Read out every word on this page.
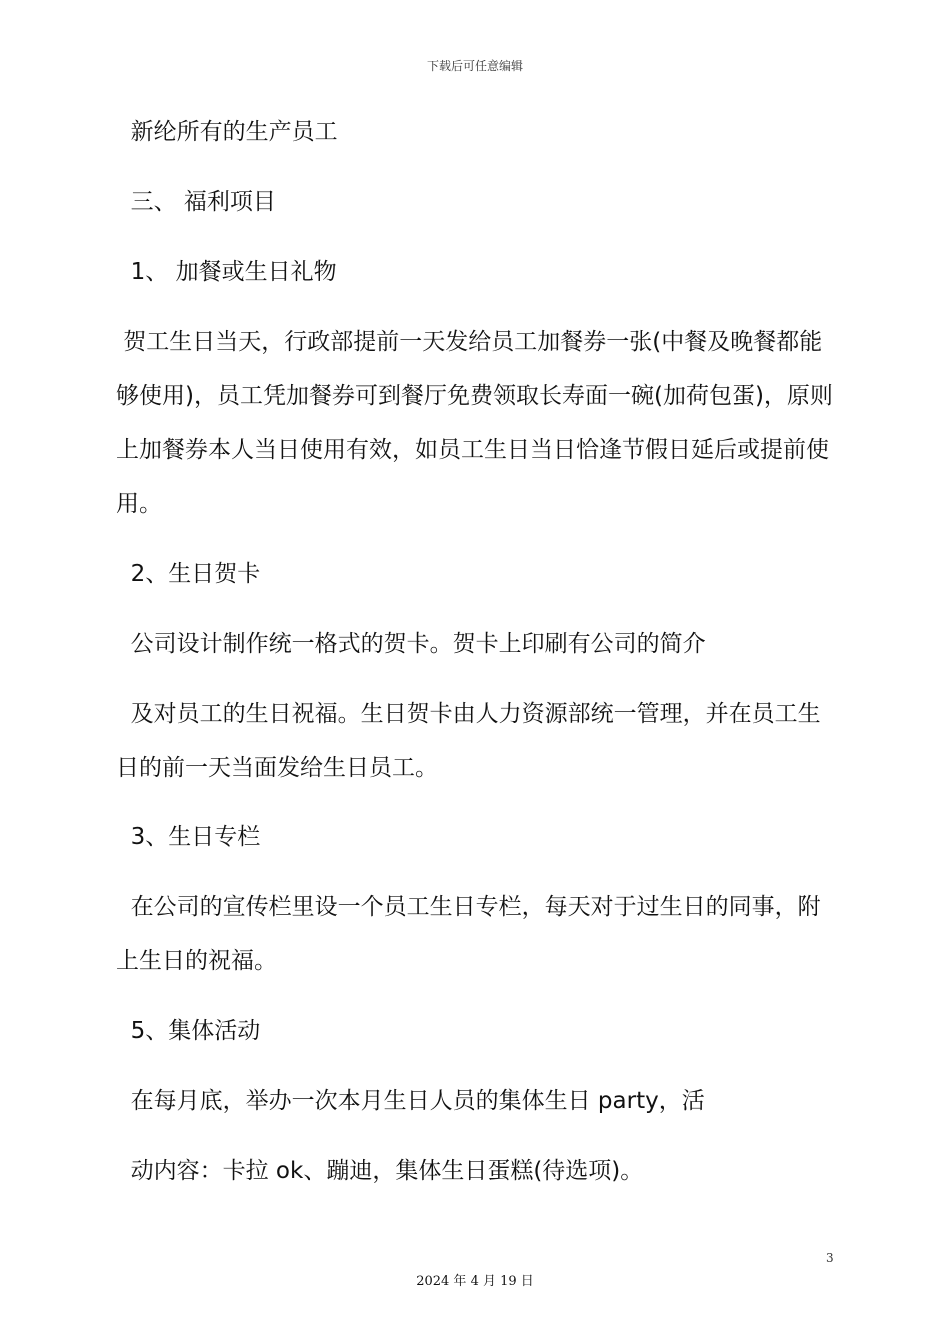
下载后可任意编辑
新纶所有的生产员工
三、 福利项目
1、 加餐或生日礼物
贺工生日当天，行政部提前一天发给员工加餐券一张(中餐及晚餐都能
够使用)，员工凭加餐券可到餐厅免费领取长寿面一碗(加荷包蛋)，原则
上加餐券本人当日使用有效，如员工生日当日恰逢节假日延后或提前使
用。
2、生日贺卡
公司设计制作统一格式的贺卡。贺卡上印刷有公司的简介
及对员工的生日祝福。生日贺卡由人力资源部统一管理，并在员工生
日的前一天当面发给生日员工。
3、生日专栏
在公司的宣传栏里设一个员工生日专栏，每天对于过生日的同事，附
上生日的祝福。
5、集体活动
在每月底，举办一次本月生日人员的集体生日 party，活
动内容：卡拉 ok、蹦迪，集体生日蛋糕(待选项)。
3
2024 年 4 月 19 日
